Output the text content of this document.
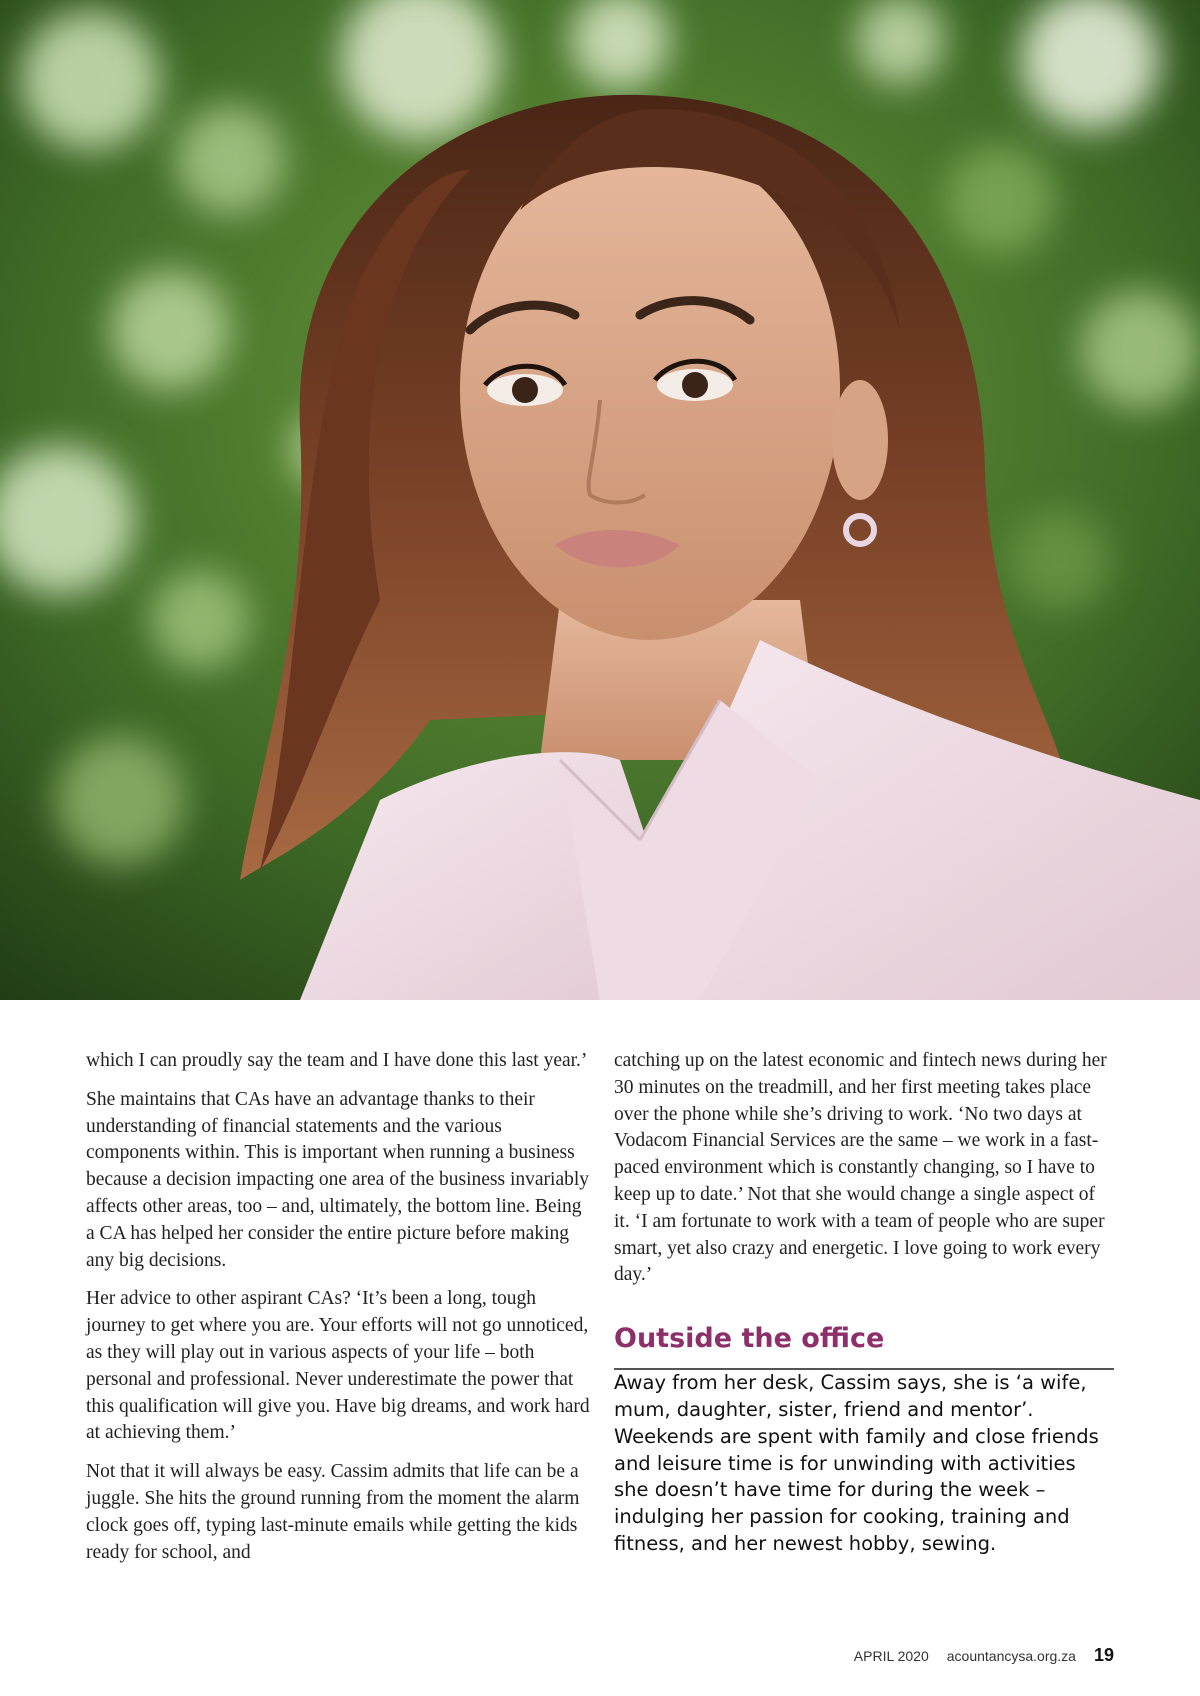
which I can proudly say the team and I have done this last year.’

She maintains that CAs have an advantage thanks to their understanding of financial statements and the various components within. This is important when running a business because a decision impacting one area of the business invariably affects other areas, too – and, ultimately, the bottom line. Being a CA has helped her consider the entire picture before making any big decisions.

Her advice to other aspirant CAs? ‘It’s been a long, tough journey to get where you are. Your efforts will not go unnoticed, as they will play out in various aspects of your life – both personal and professional. Never underestimate the power that this qualification will give you. Have big dreams, and work hard at achieving them.’

Not that it will always be easy. Cassim admits that life can be a juggle. She hits the ground running from the moment the alarm clock goes off, typing last-minute emails while getting the kids ready for school, and

catching up on the latest economic and fintech news during her 30 minutes on the treadmill, and her first meeting takes place over the phone while she’s driving to work. ‘No two days at Vodacom Financial Services are the same – we work in a fast-paced environment which is constantly changing, so I have to keep up to date.’ Not that she would change a single aspect of it. ‘I am fortunate to work with a team of people who are super smart, yet also crazy and energetic. I love going to work every day.’

Outside the office

Away from her desk, Cassim says, she is ‘a wife, mum, daughter, sister, friend and mentor’. Weekends are spent with family and close friends and leisure time is for unwinding with activities she doesn’t have time for during the week – indulging her passion for cooking, training and fitness, and her newest hobby, sewing.

APRIL 2020 acountancysa.org.za 19
